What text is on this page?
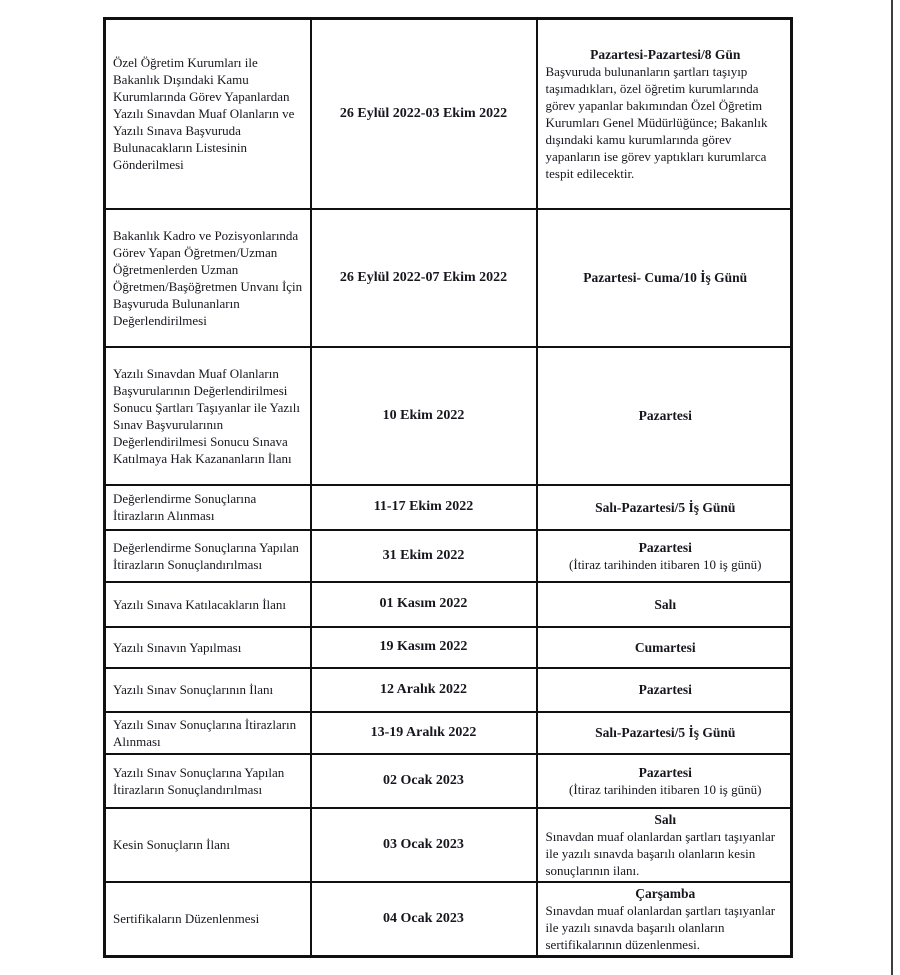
Özel Öğretim Kurumları ile Bakanlık Dışındaki Kamu Kurumlarında Görev Yapanlardan Yazılı Sınavdan Muaf Olanların ve Yazılı Sınava Başvuruda Bulunacakların Listesinin Gönderilmesi	26 Eylül 2022-03 Ekim 2022	Pazartesi-Pazartesi/8 Gün
Başvuruda bulunanların şartları taşıyıp taşımadıkları, özel öğretim kurumlarında görev yapanlar bakımından Özel Öğretim Kurumları Genel Müdürlüğünce; Bakanlık dışındaki kamu kurumlarında görev yapanların ise görev yaptıkları kurumlarca tespit edilecektir.

Bakanlık Kadro ve Pozisyonlarında Görev Yapan Öğretmen/Uzman Öğretmenlerden Uzman Öğretmen/Başöğretmen Unvanı İçin Başvuruda Bulunanların Değerlendirilmesi	26 Eylül 2022-07 Ekim 2022	Pazartesi- Cuma/10 İş Günü

Yazılı Sınavdan Muaf Olanların Başvurularının Değerlendirilmesi Sonucu Şartları Taşıyanlar ile Yazılı Sınav Başvurularının Değerlendirilmesi Sonucu Sınava Katılmaya Hak Kazananların İlanı	10 Ekim 2022	Pazartesi

Değerlendirme Sonuçlarına İtirazların Alınması	11-17 Ekim 2022	Salı-Pazartesi/5 İş Günü

Değerlendirme Sonuçlarına Yapılan İtirazların Sonuçlandırılması	31 Ekim 2022	Pazartesi
(İtiraz tarihinden itibaren 10 iş günü)

Yazılı Sınava Katılacakların İlanı	01 Kasım 2022	Salı

Yazılı Sınavın Yapılması	19 Kasım 2022	Cumartesi

Yazılı Sınav Sonuçlarının İlanı	12 Aralık 2022	Pazartesi

Yazılı Sınav Sonuçlarına İtirazların Alınması	13-19 Aralık 2022	Salı-Pazartesi/5 İş Günü

Yazılı Sınav Sonuçlarına Yapılan İtirazların Sonuçlandırılması	02 Ocak 2023	Pazartesi
(İtiraz tarihinden itibaren 10 iş günü)

Kesin Sonuçların İlanı	03 Ocak 2023	Salı
Sınavdan muaf olanlardan şartları taşıyanlar ile yazılı sınavda başarılı olanların kesin sonuçlarının ilanı.

Sertifikaların Düzenlenmesi	04 Ocak 2023	Çarşamba
Sınavdan muaf olanlardan şartları taşıyanlar ile yazılı sınavda başarılı olanların sertifikalarının düzenlenmesi.
